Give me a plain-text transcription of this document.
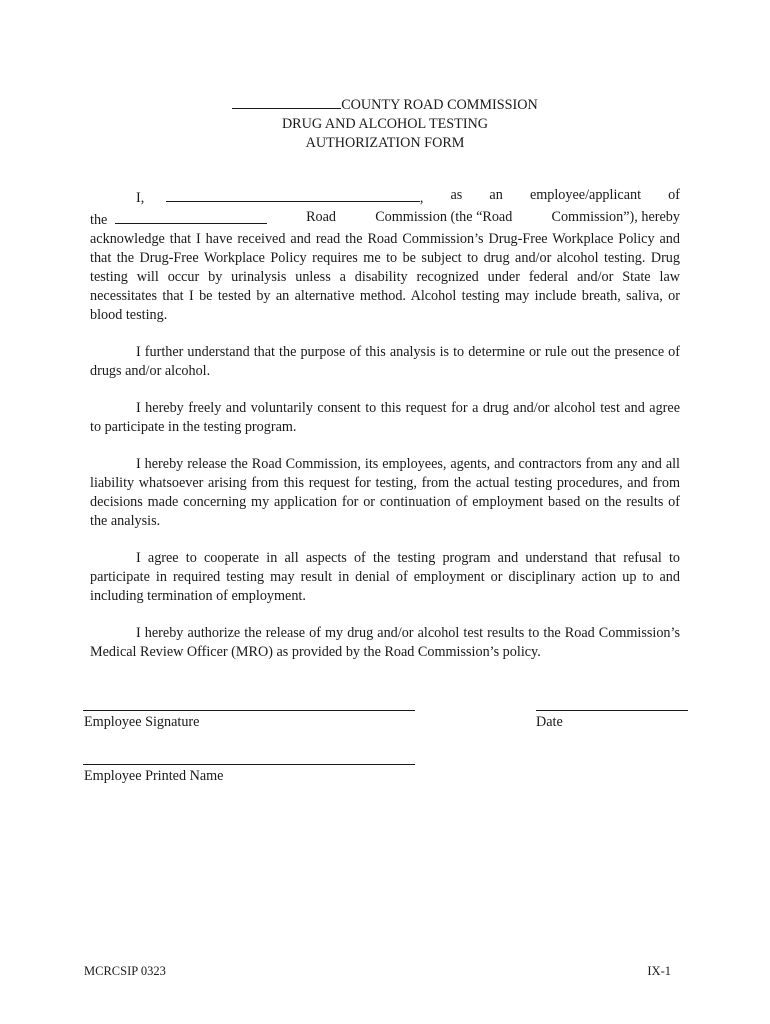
COUNTY ROAD COMMISSION
DRUG AND ALCOHOL TESTING
AUTHORIZATION FORM
I,	, as an employee/applicant of
the	Road	Commission (the “Road	Commission”), hereby
acknowledge that I have received and read the Road Commission’s Drug-Free Workplace Policy and that the Drug-Free Workplace Policy requires me to be subject to drug and/or alcohol testing. Drug testing will occur by urinalysis unless a disability recognized under federal and/or State law necessitates that I be tested by an alternative method. Alcohol testing may include breath, saliva, or blood testing.

I further understand that the purpose of this analysis is to determine or rule out the presence of drugs and/or alcohol.

I hereby freely and voluntarily consent to this request for a drug and/or alcohol test and agree to participate in the testing program.

I hereby release the Road Commission, its employees, agents, and contractors from any and all liability whatsoever arising from this request for testing, from the actual testing procedures, and from decisions made concerning my application for or continuation of employment based on the results of the analysis.

I agree to cooperate in all aspects of the testing program and understand that refusal to participate in required testing may result in denial of employment or disciplinary action up to and including termination of employment.

I hereby authorize the release of my drug and/or alcohol test results to the Road Commission’s Medical Review Officer (MRO) as provided by the Road Commission’s policy.

Employee Signature	Date
Employee Printed Name
MCRCSIP 0323	IX-1
